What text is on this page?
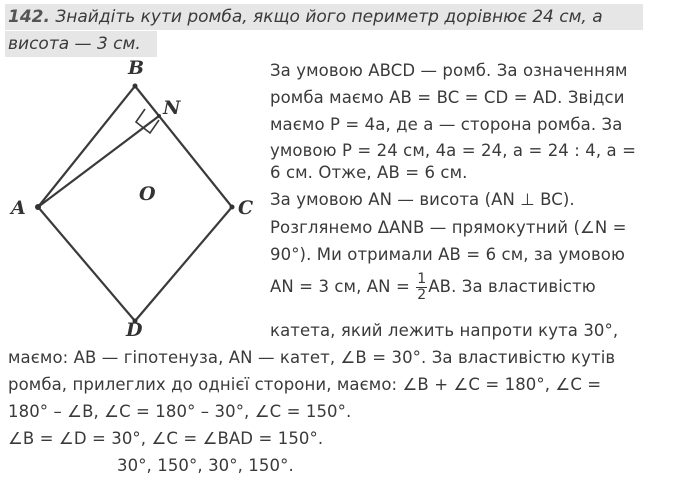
142. Знайдіть кути ромба, якщо його периметр дорівнює 24 см, а
висота — 3 см.
B
N
A	C
O
D
За умовою ABCD — ромб. За означенням
ромба маємо AB = BC = CD = AD. Звідси
маємо P = 4a, де a — сторона ромба. За
умовою P = 24 см, 4a = 24, a = 24 : 4, a =
6 см. Отже, AB = 6 см.
За умовою AN — висота (AN ⊥ BC).
Розглянемо ΔANB — прямокутний (∠N =
90°). Ми отримали AB = 6 см, за умовою
AN = 3 см, AN = $\frac{1}{2}$ AB. За властивістю
катета, який лежить напроти кута 30°,
маємо: AB — гіпотенуза, AN — катет, ∠B = 30°. За властивістю кутів
ромба, прилеглих до однієї сторони, маємо: ∠B + ∠C = 180°, ∠C =
180° – ∠B, ∠C = 180° – 30°, ∠C = 150°.
∠B = ∠D = 30°, ∠C = ∠BAD = 150°.
30°, 150°, 30°, 150°.
